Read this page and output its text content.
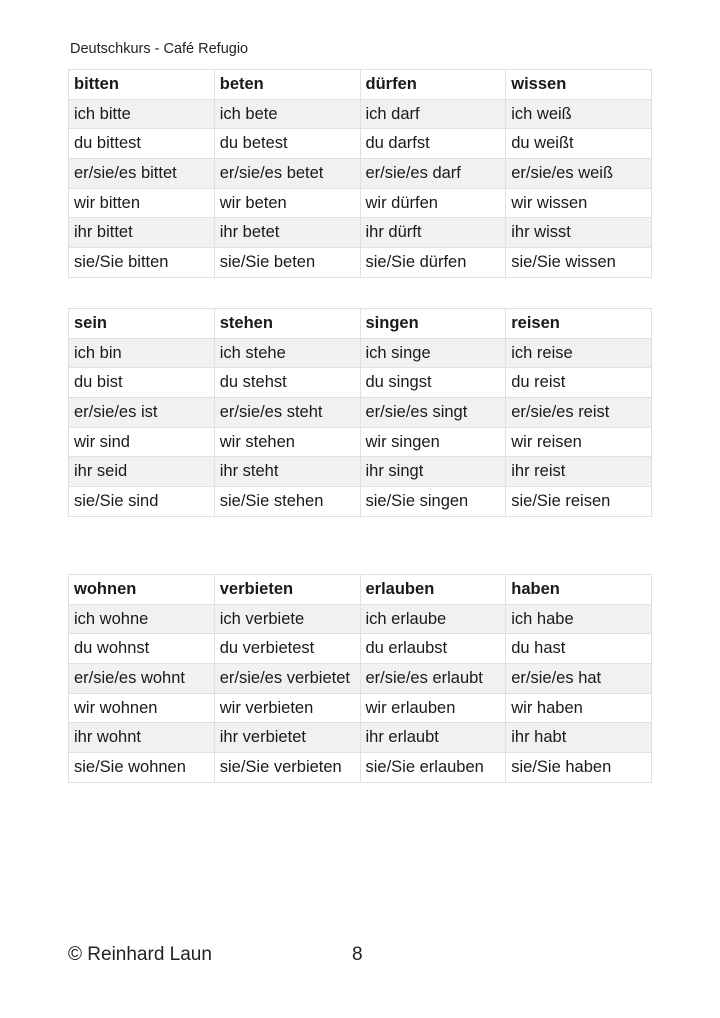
Deutschkurs - Café Refugio
bitten	beten	dürfen	wissen
ich bitte	ich bete	ich darf	ich weiß
du bittest	du betest	du darfst	du weißt
er/sie/es bittet	er/sie/es betet	er/sie/es darf	er/sie/es weiß
wir bitten	wir beten	wir dürfen	wir wissen
ihr bittet	ihr betet	ihr dürft	ihr wisst
sie/Sie bitten	sie/Sie beten	sie/Sie dürfen	sie/Sie wissen
sein	stehen	singen	reisen
ich bin	ich stehe	ich singe	ich reise
du bist	du stehst	du singst	du reist
er/sie/es ist	er/sie/es steht	er/sie/es singt	er/sie/es reist
wir sind	wir stehen	wir singen	wir reisen
ihr seid	ihr steht	ihr singt	ihr reist
sie/Sie sind	sie/Sie stehen	sie/Sie singen	sie/Sie reisen
wohnen	verbieten	erlauben	haben
ich wohne	ich verbiete	ich erlaube	ich habe
du wohnst	du verbietest	du erlaubst	du hast
er/sie/es wohnt	er/sie/es verbietet	er/sie/es erlaubt	er/sie/es hat
wir wohnen	wir verbieten	wir erlauben	wir haben
ihr wohnt	ihr verbietet	ihr erlaubt	ihr habt
sie/Sie wohnen	sie/Sie verbieten	sie/Sie erlauben	sie/Sie haben
© Reinhard Laun	8
